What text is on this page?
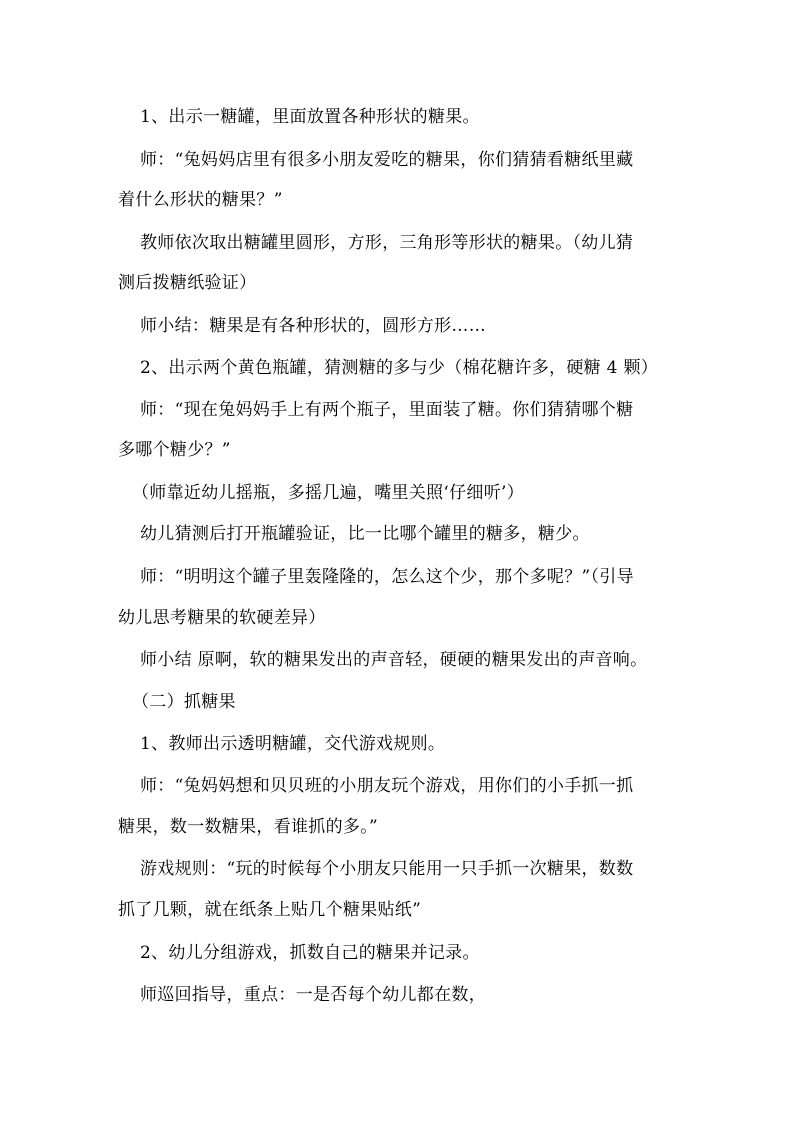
1、出示一糖罐，里面放置各种形状的糖果。

师：“兔妈妈店里有很多小朋友爱吃的糖果，你们猜猜看糖纸里藏

着什么形状的糖果？”

教师依次取出糖罐里圆形，方形，三角形等形状的糖果。（幼儿猜

测后拨糖纸验证）

师小结：糖果是有各种形状的，圆形方形……

2、出示两个黄色瓶罐，猜测糖的多与少（棉花糖许多，硬糖 4 颗）

师：“现在兔妈妈手上有两个瓶子，里面装了糖。你们猜猜哪个糖

多哪个糖少？”

（师靠近幼儿摇瓶，多摇几遍，嘴里关照‘仔细听’）

幼儿猜测后打开瓶罐验证，比一比哪个罐里的糖多，糖少。

师：“明明这个罐子里轰隆隆的，怎么这个少，那个多呢？”（引导

幼儿思考糖果的软硬差异）

师小结 原啊，软的糖果发出的声音轻，硬硬的糖果发出的声音响。

（二）抓糖果

1、教师出示透明糖罐，交代游戏规则。

师：“兔妈妈想和贝贝班的小朋友玩个游戏，用你们的小手抓一抓

糖果，数一数糖果，看谁抓的多。”

游戏规则：“玩的时候每个小朋友只能用一只手抓一次糖果，数数

抓了几颗，就在纸条上贴几个糖果贴纸”

2、幼儿分组游戏，抓数自己的糖果并记录。

师巡回指导，重点：一是否每个幼儿都在数，
